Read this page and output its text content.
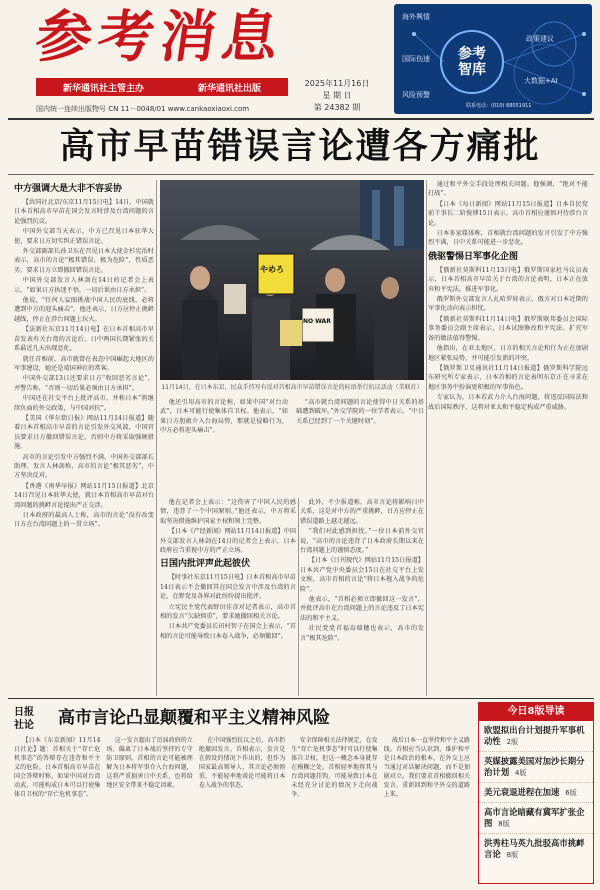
参考消息
新华通讯社主管主办	新华通讯社出版
国内统一连续出版物号 CN 11－0048/01 www.cankaoxiaoxi.com
2025年11月16日
星 期 日
第 24382 期
海外舆情
政策建议
国际伤速
风险预警
大数据+AI
参考
智库
联系电话：(010) 88051911
高市早苗错误言论遭各方痛批
中方强调大是大非不容妥协

【共同社北京/东京11月15日电】14日，中国就日本首相高市早苗在国会发言时涉及台湾问题的言论强烈抗议。

中国外交部当天表示，中方已召见日本驻华大使，要求日方切实纠正错误言论。

外交部副部长孙卫东在召见日本大使金杉宪治时表示，高市的言论“极其错误、极为危险”，性质恶劣，要求日方立即撤回错误言论。

中国外交部发言人林剑在14日的记者会上表示，“如果日方执迷不悟，一切后果由日方承担”。

他说，“任何人妄图挑战中国人民的底线，必将遭到中方的迎头痛击”。他还表示，日方应停止挑衅越线，停止在涉台问题上玩火。

【法新社东京11月14日电】在日本首相高市早苗发表有关台湾的言论后，日中两国长期紧张的关系最近几天出现恶化。

就任首相前，高市就曾在表态中国崛起大地区的军事建设，她还是靖国神社的常客。

中国外交部13日还要求日方“收回恶劣言论”，并警告称，“否则一切后果必须由日方承担”。

中国还在社交平台上批评高市，并称日本“将继续负面的外交政策，与中国对抗”。

【美国《华尔街日报》网站11月14日报道】随着日本首相高市早苗的言论引发外交风波，中国官员要求日方撤回错误言论，否则中方将采取强硬措施。

高市的言论引发中方强烈不满。中国外交部部长助理、发言人林剑称，高市的言论“极其恶劣”，中方坚决反对。

【香港《南华早报》网站11月15日报道】北京14日召见日本驻华大使，就日本首相高市早苗对台湾问题的挑衅言论提出严正交涉。

日本政府的最高人士称，高市的言论“没有改变日方在台湾问题上的一贯立场”。

やめろ
NO WAR
11月14日，在日本东京，民众手持写有反对首相高市早苗错误言论的标语举行抗议活动（美联社）

他还引用高市的言论称，如果中国“对台动武”，日本可能行使集体自卫权。他表示，“如果日方胆敢介入台海局势，那就是侵略行为，中方必将迎头痛击”。

“高市就台湾问题的言论使得中日关系的基础遭到破坏。”外交学院的一位学者表示，“中日关系已经到了一个关键时刻”。

他在记者会上表示：“这伤害了中国人民的感情，违背了一个中国原则。”他还表示，中方将采取坚决措施维护国家主权和领土完整。

【日本《产经新闻》网站11月14日报道】中国外交部发言人林剑在14日的记者会上表示，日本政府应当重视中方的严正立场。

日国内批评声此起彼伏

【时事社东京11月15日电】日本首相高市早苗14日表示不会撤回其在国会发言中涉及台湾的言论，在野党及各界对此纷纷提出批评。

立宪民主党代表野田佳彦对记者表示，高市首相的发言“欠缺慎重”，要求她撤回相关言论。

日本共产党委员长田村智子在国会上表示，“首相的言论可能导致日本卷入战争，必须撤回”。

此外，不少报道称，高市言论将影响日中关系，这是对中方的严重挑衅，日方应停止在错误道路上越走越远。

“我们对此感到担忧。”一位日本前外交官说，“高市的言论违背了日本政府长期以来在台湾问题上的谨慎态度。”

【日本《日刊现代》网站11月15日报道】日本共产党中央委员会15日在社交平台上发文称，高市首相的言论“将日本拖入战争的危险”。

他表示，“首相必须立即撤回这一发言”，并批评高市在台湾问题上的言论违反了日本宪法的和平主义。

社民党党首福岛瑞穗也表示，高市的发言“极其危险”。

通过和平外交手段处理相关问题。他强调，“绝对不能打战”。

【日本《每日新闻》网站11月15日报道】日本自民党前干事长二阶俊博15日表示，高市首相应谨慎对待涉台言论。

日本多家媒体称，首相就台湾问题的发言引发了中方强烈不满，日中关系可能进一步恶化。

俄驱警惕日军事化企图

【俄新社莫斯科11月13日电】俄罗斯国家杜马议员表示，日本首相高市早苗关于台湾的言论表明，日本正在放弃和平宪法，推进军事化。

俄罗斯外交部发言人扎哈罗娃表示，俄方对日本近期的军事化动向表示担忧。

【俄新社莫斯科11月14日电】俄罗斯联邦委员会国际事务委员会副主席表示，日本试图修改和平宪法、扩充军备的做法值得警惕。

他指出，在亚太地区，日方的相关言论和行为正在加剧地区紧张局势，并可能引发新的冲突。

【俄罗斯卫星通讯社11月14日报道】俄罗斯科学院远东研究所专家表示，日本首相的言论表明东京正在寻求在地区事务中扮演更积极的军事角色。

专家认为，日本若武力介入台海问题，将违反国际法和战后国际秩序，这将对亚太和平稳定构成严重威胁。

日报
社论	高市言论凸显颠覆和平主义精神风险

【日本《东京新闻》11月14日社论】题：首相关于“存亡危机事态”的答辩存在违背和平主义的危险。日本首相高市早苗在国会答辩时称，如果中国对台湾动武，可能构成日本可以行使集体自卫权的“存亡危机事态”。

这一发言超出了历届政府的立场，偏离了日本战后坚持的专守防卫原则。首相的言论可能被理解为日本将军事介入台海问题，这将严重损害日中关系，也将给地区安全带来不稳定因素。

在中国强烈抗议之后，高市拒绝撤回发言。首相表示，发言是在假设的情况下作出的，但作为国家最高领导人，其言论必须慎重，不能轻率地谈论可能将日本卷入战争的事态。

安全保障相关法律规定，在发生“存亡危机事态”时可以行使集体自卫权。但这一概念本身就存在模糊之处。首相轻率地将其与台湾问题挂钩，可能导致日本在未经充分讨论的情况下走向战争。

战后日本一直坚持和平主义路线。首相应当认识到，维护和平是日本政治的根本，在外交上应当通过对话解决问题，而不是加剧对立。我们要求首相撤回相关发言，重新回到和平外交的道路上来。

今日8版导读
欧盟拟出台计划提升军事机动性 2版
英媒披露美国对加沙长期分治计划 4版
美元衰退进程在加速 6版
高市言论暗藏有冀军扩张企图 8版
洪秀柱马英九批驳高市挑衅言论 8版
